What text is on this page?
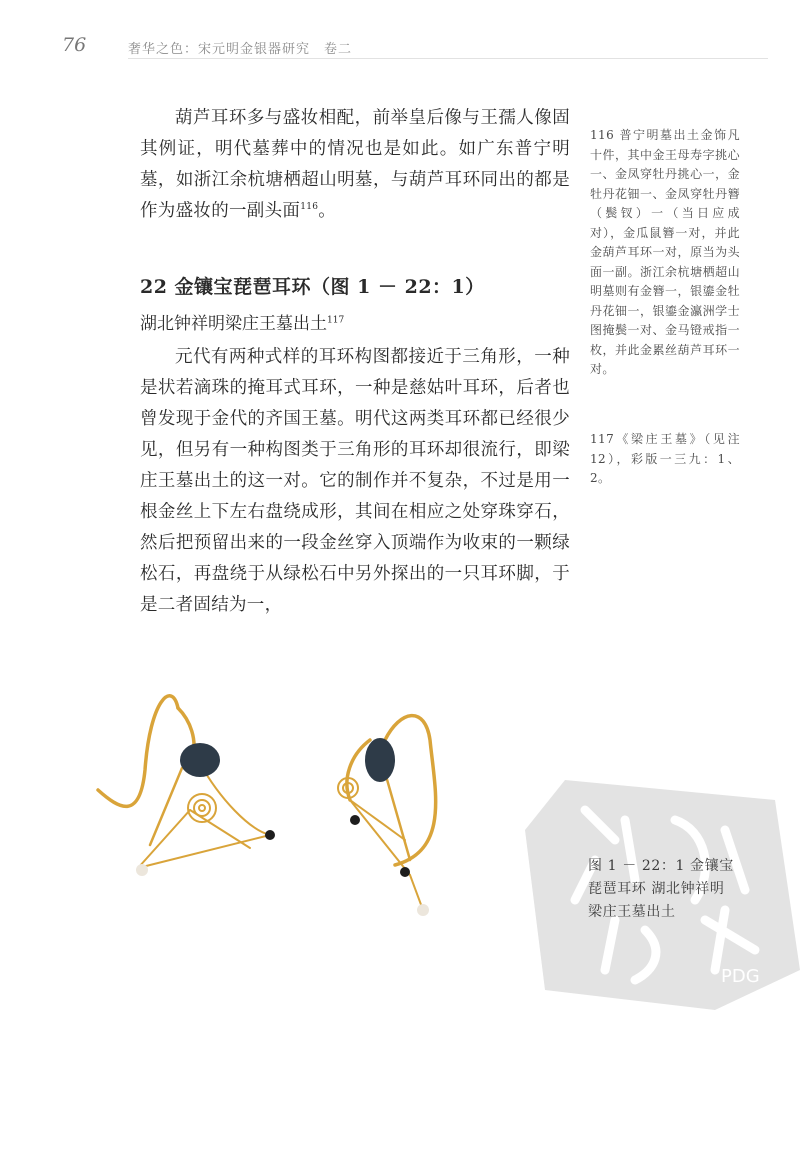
76	奢华之色：宋元明金银器研究　卷二

葫芦耳环多与盛妆相配，前举皇后像与王孺人像固其例证，明代墓葬中的情况也是如此。如广东普宁明墓，如浙江余杭塘栖超山明墓，与葫芦耳环同出的都是作为盛妆的一副头面$^{116}$。

22 金镶宝琵琶耳环（图 1 － 22：1）

湖北钟祥明梁庄王墓出土$^{117}$

元代有两种式样的耳环构图都接近于三角形，一种是状若滴珠的掩耳式耳环，一种是慈姑叶耳环，后者也曾发现于金代的齐国王墓。明代这两类耳环都已经很少见，但另有一种构图类于三角形的耳环却很流行，即梁庄王墓出土的这一对。它的制作并不复杂，不过是用一根金丝上下左右盘绕成形，其间在相应之处穿珠穿石，然后把预留出来的一段金丝穿入顶端作为收束的一颗绿松石，再盘绕于从绿松石中另外探出的一只耳环脚，于是二者固结为一，

116 普宁明墓出土金饰凡十件，其中金王母寿字挑心一、金凤穿牡丹挑心一，金牡丹花钿一、金凤穿牡丹簪（鬓钗）一（当日应成对），金瓜鼠簪一对，并此金葫芦耳环一对，原当为头面一副。浙江余杭塘栖超山明墓则有金簪一，银鎏金牡丹花钿一，银鎏金瀛洲学士图掩鬓一对、金马镫戒指一枚，并此金累丝葫芦耳环一对。

117《梁庄王墓》（见注12），彩版一三九：1、2。

PDG

图 1 － 22：1 金镶宝琵琶耳环 湖北钟祥明梁庄王墓出土
